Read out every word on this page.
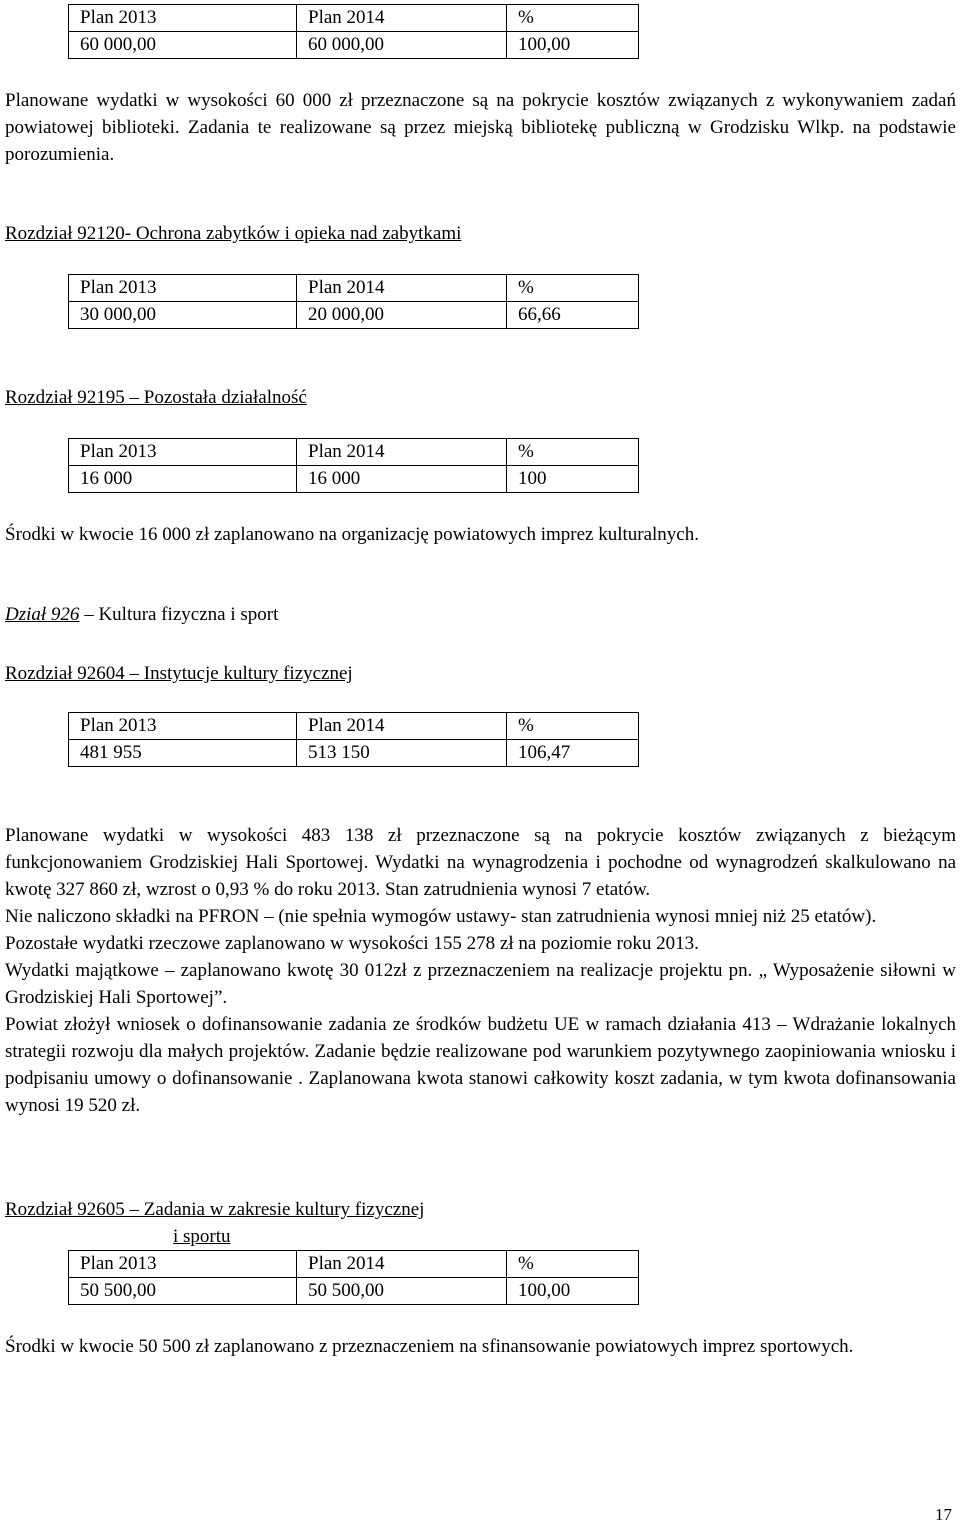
Plan 2013	Plan 2014	%
60 000,00	60 000,00	100,00
Planowane wydatki w wysokości 60 000 zł przeznaczone są na pokrycie kosztów związanych z wykonywaniem zadań powiatowej biblioteki. Zadania te realizowane są przez miejską bibliotekę publiczną w Grodzisku Wlkp. na podstawie porozumienia.
Rozdział 92120- Ochrona zabytków i opieka nad zabytkami
Plan 2013	Plan 2014	%
30 000,00	20 000,00	66,66
Rozdział 92195 – Pozostała działalność
Plan 2013	Plan 2014	%
16 000	16 000	100
Środki w kwocie 16 000 zł zaplanowano na organizację powiatowych imprez kulturalnych.
Dział 926 – Kultura fizyczna i sport
Rozdział 92604 – Instytucje kultury fizycznej
Plan 2013	Plan 2014	%
481 955	513 150	106,47

Planowane wydatki w wysokości 483 138 zł przeznaczone są na pokrycie kosztów związanych z bieżącym funkcjonowaniem Grodziskiej Hali Sportowej. Wydatki na wynagrodzenia i pochodne od wynagrodzeń skalkulowano na kwotę 327 860 zł, wzrost o 0,93 % do roku 2013. Stan zatrudnienia wynosi 7 etatów.

Nie naliczono składki na PFRON – (nie spełnia wymogów ustawy- stan zatrudnienia wynosi mniej niż 25 etatów).

Pozostałe wydatki rzeczowe zaplanowano w wysokości 155 278 zł na poziomie roku 2013.

Wydatki majątkowe – zaplanowano kwotę 30 012zł z przeznaczeniem na realizacje projektu pn. „ Wyposażenie siłowni w Grodziskiej Hali Sportowej”.

Powiat złożył wniosek o dofinansowanie zadania ze środków budżetu UE w ramach działania 413 – Wdrażanie lokalnych strategii rozwoju dla małych projektów. Zadanie będzie realizowane pod warunkiem pozytywnego zaopiniowania wniosku i podpisaniu umowy o dofinansowanie . Zaplanowana kwota stanowi całkowity koszt zadania, w tym kwota dofinansowania wynosi 19 520 zł.

Rozdział 92605 – Zadania w zakresie kultury fizycznej
i sportu
Plan 2013	Plan 2014	%
50 500,00	50 500,00	100,00
Środki w kwocie 50 500 zł zaplanowano z przeznaczeniem na sfinansowanie powiatowych imprez sportowych.
17
